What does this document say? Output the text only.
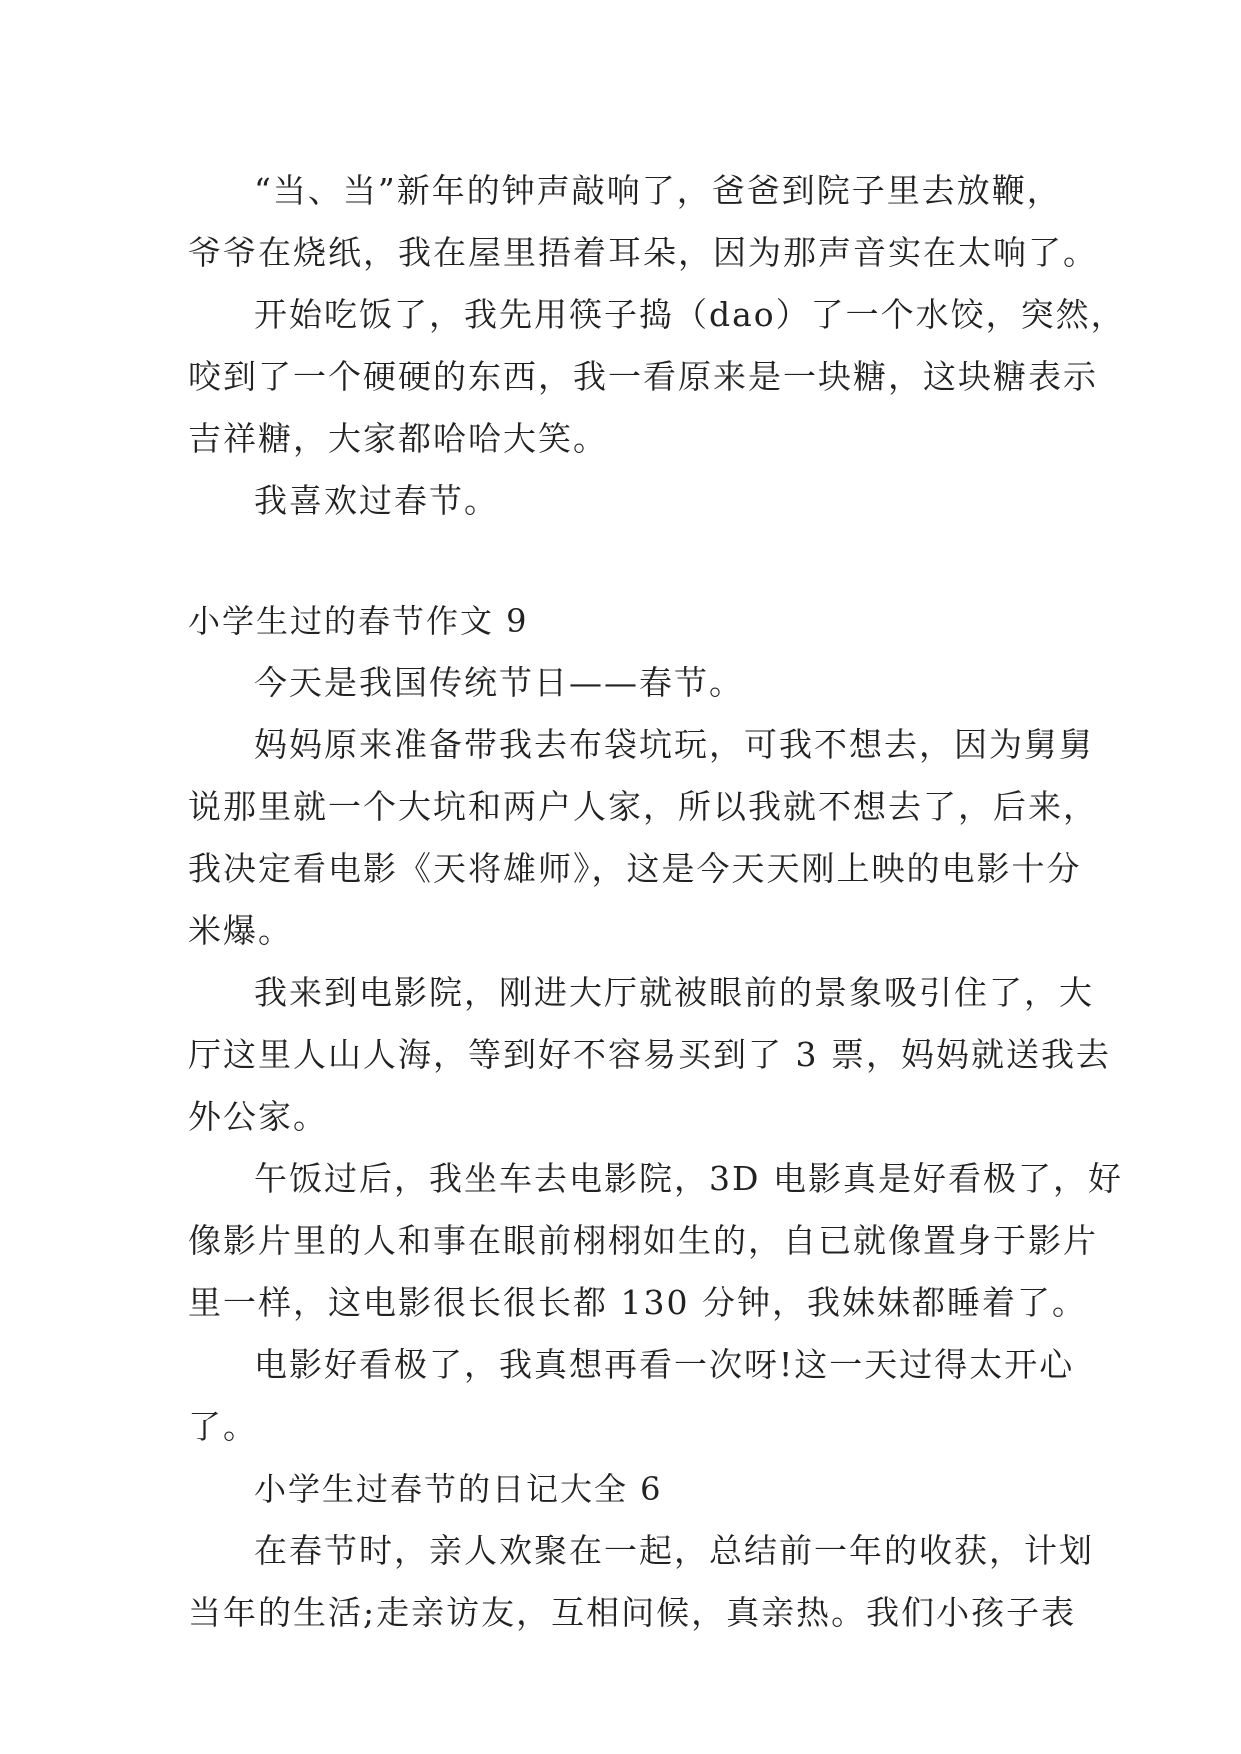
“当、当”新年的钟声敲响了，爸爸到院子里去放鞭，
爷爷在烧纸，我在屋里捂着耳朵，因为那声音实在太响了。
开始吃饭了，我先用筷子捣（dao）了一个水饺，突然，
咬到了一个硬硬的东西，我一看原来是一块糖，这块糖表示
吉祥糖，大家都哈哈大笑。
我喜欢过春节。
小学生过的春节作文 9
今天是我国传统节日——春节。
妈妈原来准备带我去布袋坑玩，可我不想去，因为舅舅
说那里就一个大坑和两户人家，所以我就不想去了，后来，
我决定看电影《天将雄师》，这是今天天刚上映的电影十分
米爆。
我来到电影院，刚进大厅就被眼前的景象吸引住了，大
厅这里人山人海，等到好不容易买到了 3 票，妈妈就送我去
外公家。
午饭过后，我坐车去电影院，3D 电影真是好看极了，好
像影片里的人和事在眼前栩栩如生的，自已就像置身于影片
里一样，这电影很长很长都 130 分钟，我妹妹都睡着了。
电影好看极了，我真想再看一次呀!这一天过得太开心
了。
小学生过春节的日记大全 6
在春节时，亲人欢聚在一起，总结前一年的收获，计划
当年的生活;走亲访友，互相问候，真亲热。我们小孩子表
